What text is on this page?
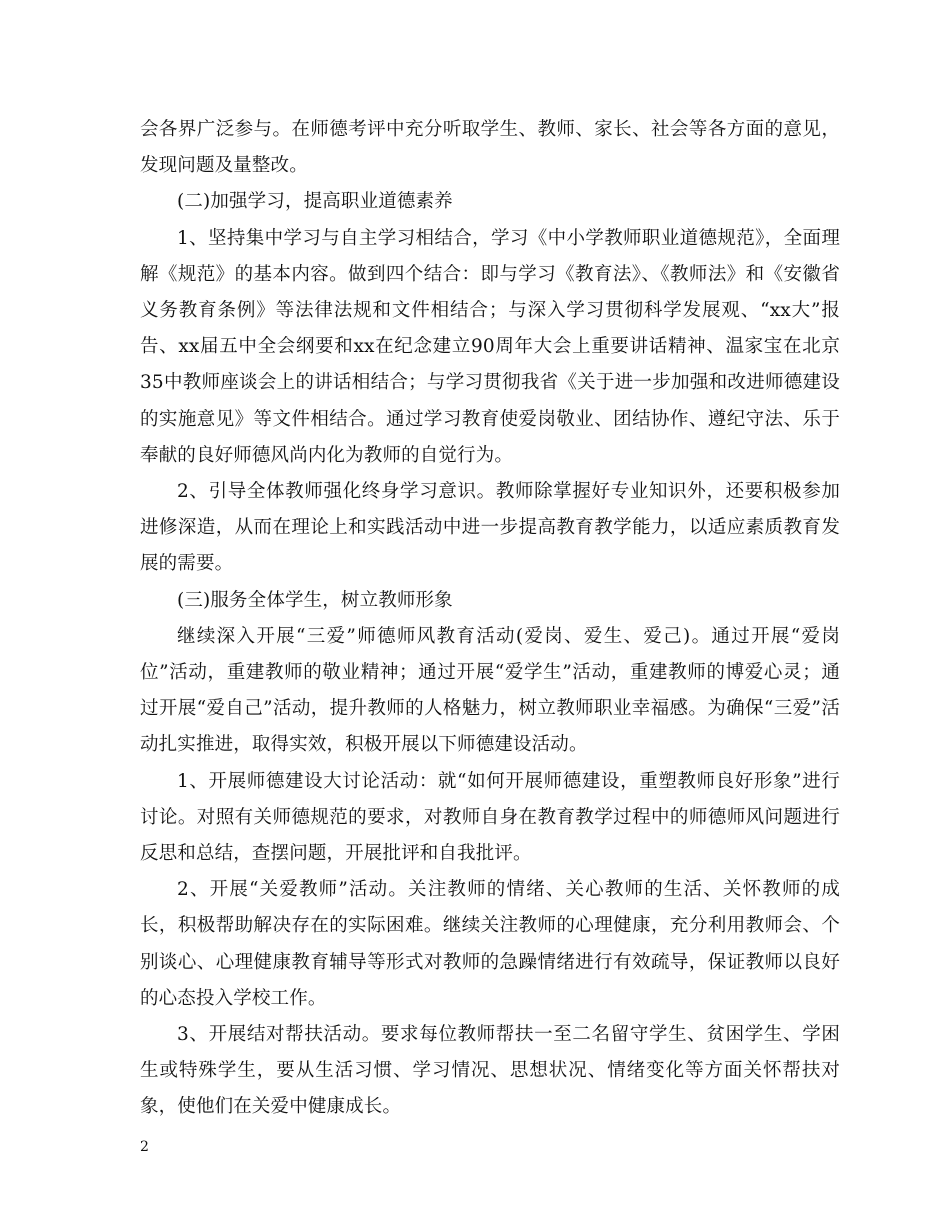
会各界广泛参与。在师德考评中充分听取学生、教师、家长、社会等各方面的意见，发现问题及量整改。

(二)加强学习，提高职业道德素养

1、坚持集中学习与自主学习相结合，学习《中小学教师职业道德规范》，全面理解《规范》的基本内容。做到四个结合：即与学习《教育法》、《教师法》和《安徽省义务教育条例》等法律法规和文件相结合；与深入学习贯彻科学发展观、“xx大”报告、xx届五中全会纲要和xx在纪念建立90周年大会上重要讲话精神、温家宝在北京35中教师座谈会上的讲话相结合；与学习贯彻我省《关于进一步加强和改进师德建设的实施意见》等文件相结合。通过学习教育使爱岗敬业、团结协作、遵纪守法、乐于奉献的良好师德风尚内化为教师的自觉行为。

2、引导全体教师强化终身学习意识。教师除掌握好专业知识外，还要积极参加进修深造，从而在理论上和实践活动中进一步提高教育教学能力，以适应素质教育发展的需要。

(三)服务全体学生，树立教师形象

继续深入开展“三爱”师德师风教育活动(爱岗、爱生、爱己)。通过开展“爱岗位”活动，重建教师的敬业精神；通过开展“爱学生”活动，重建教师的博爱心灵；通过开展“爱自己”活动，提升教师的人格魅力，树立教师职业幸福感。为确保“三爱”活动扎实推进，取得实效，积极开展以下师德建设活动。

1、开展师德建设大讨论活动：就“如何开展师德建设，重塑教师良好形象”进行讨论。对照有关师德规范的要求，对教师自身在教育教学过程中的师德师风问题进行反思和总结，查摆问题，开展批评和自我批评。

2、开展“关爱教师”活动。关注教师的情绪、关心教师的生活、关怀教师的成长，积极帮助解决存在的实际困难。继续关注教师的心理健康，充分利用教师会、个别谈心、心理健康教育辅导等形式对教师的急躁情绪进行有效疏导，保证教师以良好的心态投入学校工作。

3、开展结对帮扶活动。要求每位教师帮扶一至二名留守学生、贫困学生、学困生或特殊学生，要从生活习惯、学习情况、思想状况、情绪变化等方面关怀帮扶对象，使他们在关爱中健康成长。

2
